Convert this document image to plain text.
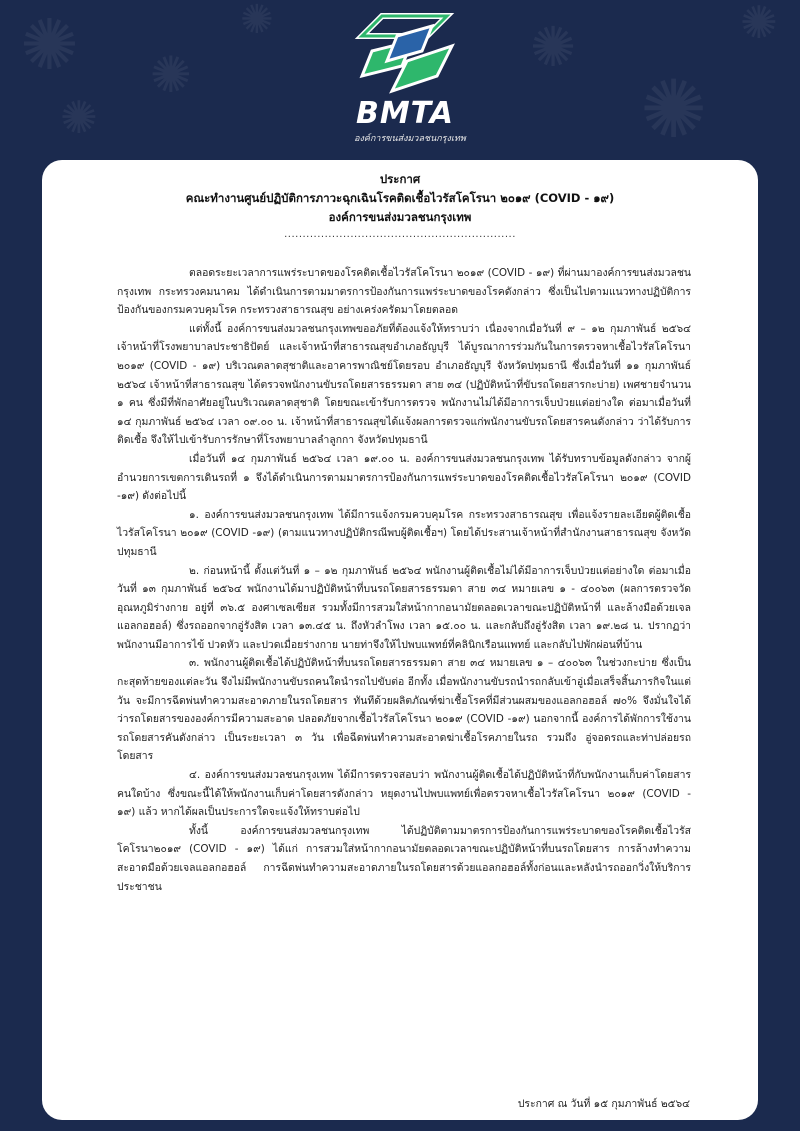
✺ ✺
✺	✺
✺
✺
✺	BMTA
องค์การขนส่งมวลชนกรุงเทพ
ประกาศ
คณะทำงานศูนย์ปฏิบัติการภาวะฉุกเฉินโรคติดเชื้อไวรัสโคโรนา ๒๐๑๙ (COVID - ๑๙)
องค์การขนส่งมวลชนกรุงเทพ
...............................................................

ตลอดระยะเวลาการแพร่ระบาดของโรคติดเชื้อไวรัสโคโรนา ๒๐๑๙ (COVID - ๑๙) ที่ผ่านมาองค์การขนส่งมวลชนกรุงเทพ กระทรวงคมนาคม ได้ดำเนินการตามมาตรการป้องกันการแพร่ระบาดของโรคดังกล่าว ซึ่งเป็นไปตามแนวทางปฏิบัติการป้องกันของกรมควบคุมโรค กระทรวงสาธารณสุข อย่างเคร่งครัดมาโดยตลอด

แต่ทั้งนี้ องค์การขนส่งมวลชนกรุงเทพขออภัยที่ต้องแจ้งให้ทราบว่า เนื่องจากเมื่อวันที่ ๙ – ๑๒ กุมภาพันธ์ ๒๕๖๔ เจ้าหน้าที่โรงพยาบาลประชาธิปัตย์ และเจ้าหน้าที่สาธารณสุขอำเภอธัญบุรี ได้บูรณาการร่วมกันในการตรวจหาเชื้อไวรัสโคโรนา ๒๐๑๙ (COVID - ๑๙) บริเวณตลาดสุชาติและอาคารพาณิชย์โดยรอบ อำเภอธัญบุรี จังหวัดปทุมธานี ซึ่งเมื่อวันที่ ๑๑ กุมภาพันธ์ ๒๕๖๔ เจ้าหน้าที่สาธารณสุข ได้ตรวจพนักงานขับรถโดยสารธรรมดา สาย ๓๔ (ปฏิบัติหน้าที่ขับรถโดยสารกะบ่าย) เพศชายจำนวน ๑ คน ซึ่งมีที่พักอาศัยอยู่ในบริเวณตลาดสุชาติ โดยขณะเข้ารับการตรวจ พนักงานไม่ได้มีอาการเจ็บป่วยแต่อย่างใด ต่อมาเมื่อวันที่ ๑๔ กุมภาพันธ์ ๒๕๖๔ เวลา ๐๙.๐๐ น. เจ้าหน้าที่สาธารณสุขได้แจ้งผลการตรวจแก่พนักงานขับรถโดยสารคนดังกล่าว ว่าได้รับการติดเชื้อ จึงให้ไปเข้ารับการรักษาที่โรงพยาบาลลำลูกกา จังหวัดปทุมธานี

เมื่อวันที่ ๑๔ กุมภาพันธ์ ๒๕๖๔ เวลา ๑๙.๐๐ น. องค์การขนส่งมวลชนกรุงเทพ ได้รับทราบข้อมูลดังกล่าว จากผู้อำนวยการเขตการเดินรถที่ ๑ จึงได้ดำเนินการตามมาตรการป้องกันการแพร่ระบาดของโรคติดเชื้อไวรัสโคโรนา ๒๐๑๙ (COVID -๑๙) ดังต่อไปนี้

๑. องค์การขนส่งมวลชนกรุงเทพ ได้มีการแจ้งกรมควบคุมโรค กระทรวงสาธารณสุข เพื่อแจ้งรายละเอียดผู้ติดเชื้อไวรัสโคโรนา ๒๐๑๙ (COVID -๑๙) (ตามแนวทางปฏิบัติกรณีพบผู้ติดเชื้อฯ) โดยได้ประสานเจ้าหน้าที่สำนักงานสาธารณสุข จังหวัดปทุมธานี

๒. ก่อนหน้านี้ ตั้งแต่วันที่ ๑ – ๑๒ กุมภาพันธ์ ๒๕๖๔ พนักงานผู้ติดเชื้อไม่ได้มีอาการเจ็บป่วยแต่อย่างใด ต่อมาเมื่อวันที่ ๑๓ กุมภาพันธ์ ๒๕๖๔ พนักงานได้มาปฏิบัติหน้าที่บนรถโดยสารธรรมดา สาย ๓๔ หมายเลข ๑ - ๔๐๐๖๓ (ผลการตรวจวัดอุณหภูมิร่างกาย อยู่ที่ ๓๖.๕ องศาเซลเซียส รวมทั้งมีการสวมใส่หน้ากากอนามัยตลอดเวลาขณะปฏิบัติหน้าที่ และล้างมือด้วยเจลแอลกอฮอล์) ซึ่งรถออกจากอู่รังสิต เวลา ๑๓.๔๕ น. ถึงหัวลำโพง เวลา ๑๕.๐๐ น. และกลับถึงอู่รังสิต เวลา ๑๙.๒๘ น. ปรากฏว่าพนักงานมีอาการไข้ ปวดหัว และปวดเมื่อยร่างกาย นายท่าจึงให้ไปพบแพทย์ที่คลินิกเรือนแพทย์ และกลับไปพักผ่อนที่บ้าน

๓. พนักงานผู้ติดเชื้อได้ปฏิบัติหน้าที่บนรถโดยสารธรรมดา สาย ๓๔ หมายเลข ๑ – ๔๐๐๖๓ ในช่วงกะบ่าย ซึ่งเป็นกะสุดท้ายของแต่ละวัน จึงไม่มีพนักงานขับรถคนใดนำรถไปขับต่อ อีกทั้ง เมื่อพนักงานขับรถนำรถกลับเข้าอู่เมื่อเสร็จสิ้นภารกิจในแต่วัน จะมีการฉีดพ่นทำความสะอาดภายในรถโดยสาร ทันทีด้วยผลิตภัณฑ์ฆ่าเชื้อโรคที่มีส่วนผสมของแอลกอฮอล์ ๗๐% จึงมั่นใจได้ว่ารถโดยสารขององค์การมีความสะอาด ปลอดภัยจากเชื้อไวรัสโคโรนา ๒๐๑๙ (COVID -๑๙) นอกจากนี้ องค์การได้พักการใช้งานรถโดยสารคันดังกล่าว เป็นระยะเวลา ๓ วัน เพื่อฉีดพ่นทำความสะอาดฆ่าเชื้อโรคภายในรถ รวมถึง อู่จอดรถและท่าปล่อยรถโดยสาร

๔. องค์การขนส่งมวลชนกรุงเทพ ได้มีการตรวจสอบว่า พนักงานผู้ติดเชื้อได้ปฏิบัติหน้าที่กับพนักงานเก็บค่าโดยสารคนใดบ้าง ซึ่งขณะนี้ได้ให้พนักงานเก็บค่าโดยสารดังกล่าว หยุดงานไปพบแพทย์เพื่อตรวจหาเชื้อไวรัสโคโรนา ๒๐๑๙ (COVID - ๑๙) แล้ว หากได้ผลเป็นประการใดจะแจ้งให้ทราบต่อไป

ทั้งนี้ องค์การขนส่งมวลชนกรุงเทพ ได้ปฏิบัติตามมาตรการป้องกันการแพร่ระบาดของโรคติดเชื้อไวรัสโคโรนา๒๐๑๙ (COVID - ๑๙) ได้แก่ การสวมใส่หน้ากากอนามัยตลอดเวลาขณะปฏิบัติหน้าที่บนรถโดยสาร การล้างทำความสะอาดมือด้วยเจลแอลกอฮอล์ การฉีดพ่นทำความสะอาดภายในรถโดยสารด้วยแอลกอฮอล์ทั้งก่อนและหลังนำรถออกวิ่งให้บริการประชาชน

ประกาศ ณ วันที่ ๑๕ กุมภาพันธ์ ๒๕๖๔
